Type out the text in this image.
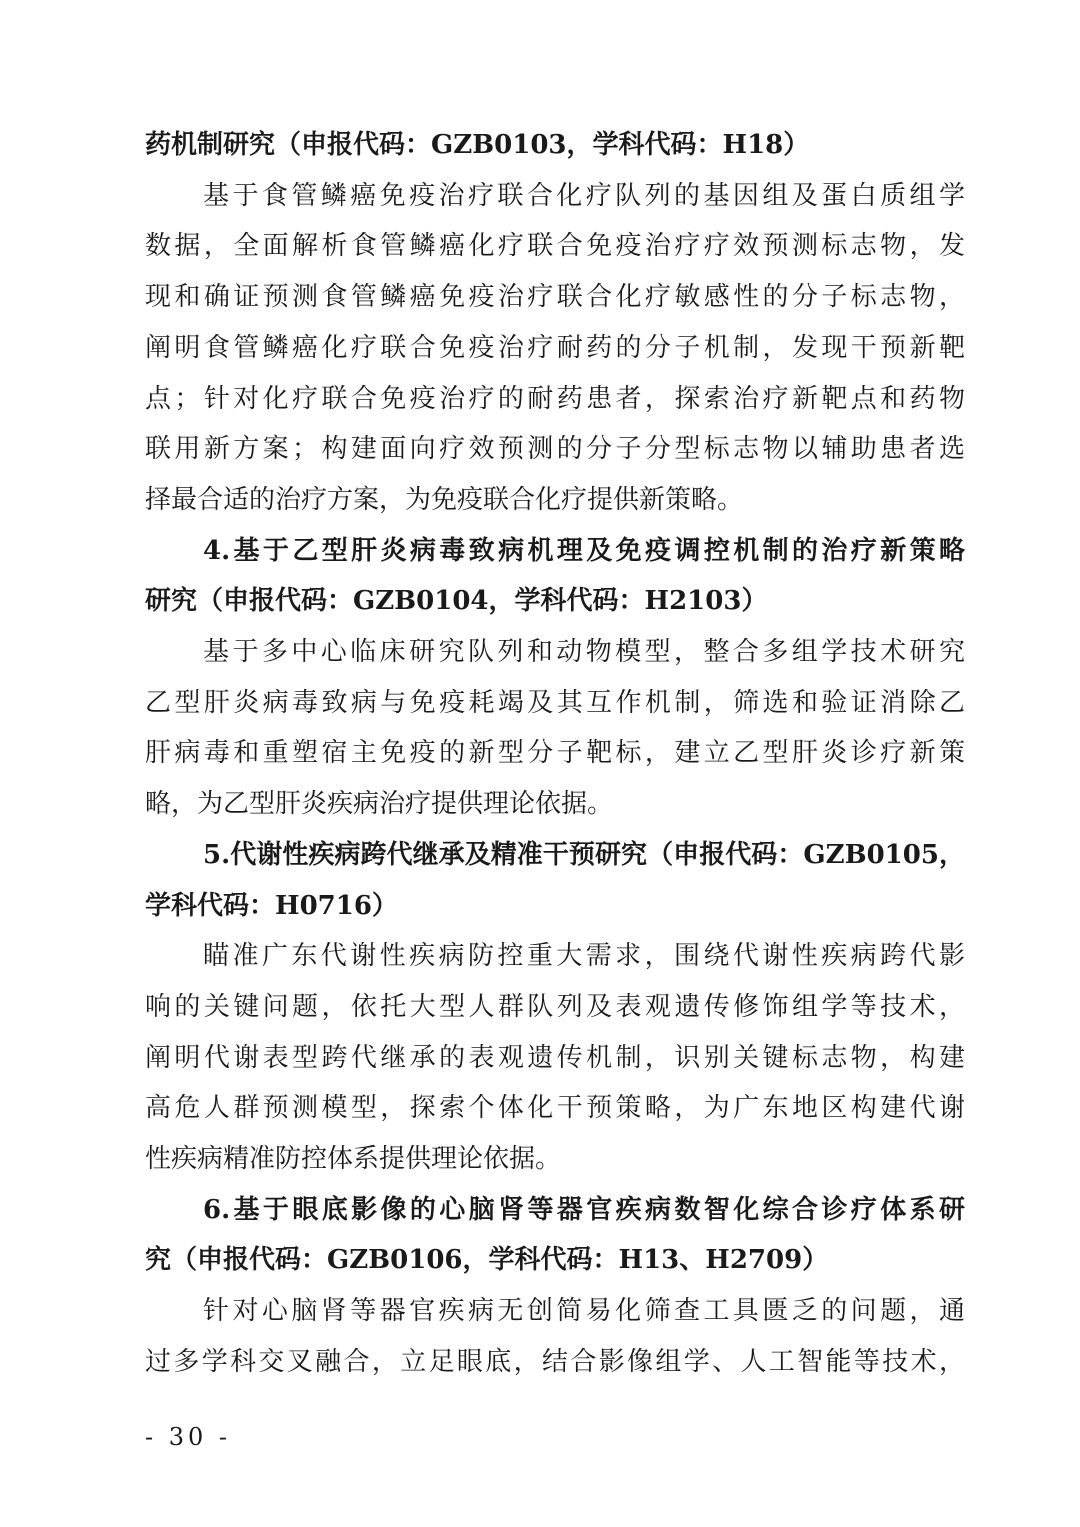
药机制研究（申报代码：GZB0103，学科代码：H18）
基于食管鳞癌免疫治疗联合化疗队列的基因组及蛋白质组学
数据，全面解析食管鳞癌化疗联合免疫治疗疗效预测标志物，发
现和确证预测食管鳞癌免疫治疗联合化疗敏感性的分子标志物，
阐明食管鳞癌化疗联合免疫治疗耐药的分子机制，发现干预新靶
点；针对化疗联合免疫治疗的耐药患者，探索治疗新靶点和药物
联用新方案；构建面向疗效预测的分子分型标志物以辅助患者选
择最合适的治疗方案，为免疫联合化疗提供新策略。
4.基于乙型肝炎病毒致病机理及免疫调控机制的治疗新策略
研究（申报代码：GZB0104，学科代码：H2103）
基于多中心临床研究队列和动物模型，整合多组学技术研究
乙型肝炎病毒致病与免疫耗竭及其互作机制，筛选和验证消除乙
肝病毒和重塑宿主免疫的新型分子靶标，建立乙型肝炎诊疗新策
略，为乙型肝炎疾病治疗提供理论依据。
5.代谢性疾病跨代继承及精准干预研究（申报代码：GZB0105，
学科代码：H0716）
瞄准广东代谢性疾病防控重大需求，围绕代谢性疾病跨代影
响的关键问题，依托大型人群队列及表观遗传修饰组学等技术，
阐明代谢表型跨代继承的表观遗传机制，识别关键标志物，构建
高危人群预测模型，探索个体化干预策略，为广东地区构建代谢
性疾病精准防控体系提供理论依据。
6.基于眼底影像的心脑肾等器官疾病数智化综合诊疗体系研
究（申报代码：GZB0106，学科代码：H13、H2709）
针对心脑肾等器官疾病无创简易化筛查工具匮乏的问题，通
过多学科交叉融合，立足眼底，结合影像组学、人工智能等技术，
- 30 -
